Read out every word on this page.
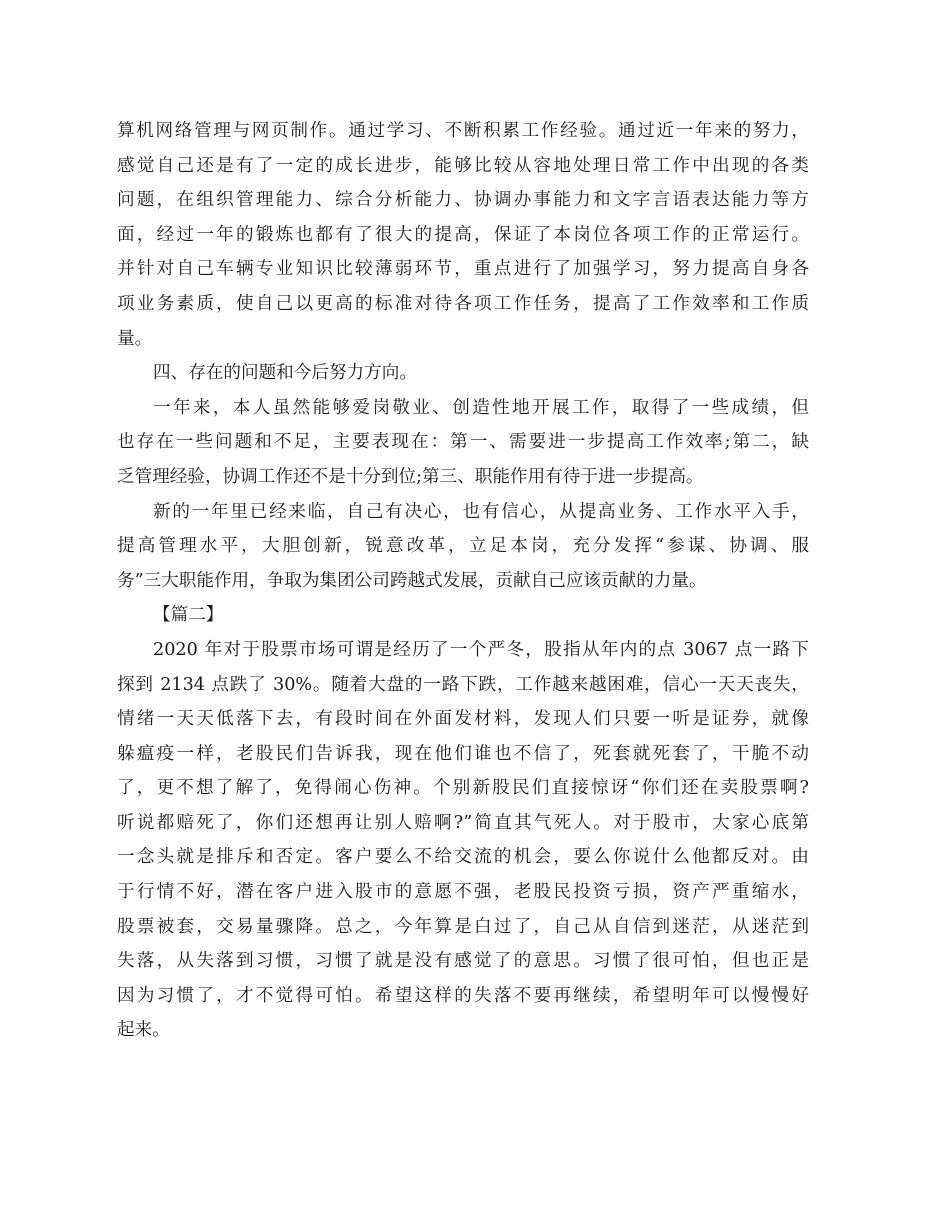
算机网络管理与网页制作。通过学习、不断积累工作经验。通过近一年来的努力，
感觉自己还是有了一定的成长进步，能够比较从容地处理日常工作中出现的各类
问题，在组织管理能力、综合分析能力、协调办事能力和文字言语表达能力等方
面，经过一年的锻炼也都有了很大的提高，保证了本岗位各项工作的正常运行。
并针对自己车辆专业知识比较薄弱环节，重点进行了加强学习，努力提高自身各
项业务素质，使自己以更高的标准对待各项工作任务，提高了工作效率和工作质
量。

四、存在的问题和今后努力方向。

一年来，本人虽然能够爱岗敬业、创造性地开展工作，取得了一些成绩，但
也存在一些问题和不足，主要表现在：第一、需要进一步提高工作效率;第二，缺
乏管理经验，协调工作还不是十分到位;第三、职能作用有待于进一步提高。

新的一年里已经来临，自己有决心，也有信心，从提高业务、工作水平入手，
提高管理水平，大胆创新，锐意改革，立足本岗，充分发挥“参谋、协调、服
务”三大职能作用，争取为集团公司跨越式发展，贡献自己应该贡献的力量。

【篇二】

2020 年对于股票市场可谓是经历了一个严冬，股指从年内的点 3067 点一路下
探到 2134 点跌了 30%。随着大盘的一路下跌，工作越来越困难，信心一天天丧失，
情绪一天天低落下去，有段时间在外面发材料，发现人们只要一听是证券，就像
躲瘟疫一样，老股民们告诉我，现在他们谁也不信了，死套就死套了，干脆不动
了，更不想了解了，免得闹心伤神。个别新股民们直接惊讶“你们还在卖股票啊?
听说都赔死了，你们还想再让别人赔啊?”简直其气死人。对于股市，大家心底第
一念头就是排斥和否定。客户要么不给交流的机会，要么你说什么他都反对。由
于行情不好，潜在客户进入股市的意愿不强，老股民投资亏损，资产严重缩水，
股票被套，交易量骤降。总之，今年算是白过了，自己从自信到迷茫，从迷茫到
失落，从失落到习惯，习惯了就是没有感觉了的意思。习惯了很可怕，但也正是
因为习惯了，才不觉得可怕。希望这样的失落不要再继续，希望明年可以慢慢好
起来。
